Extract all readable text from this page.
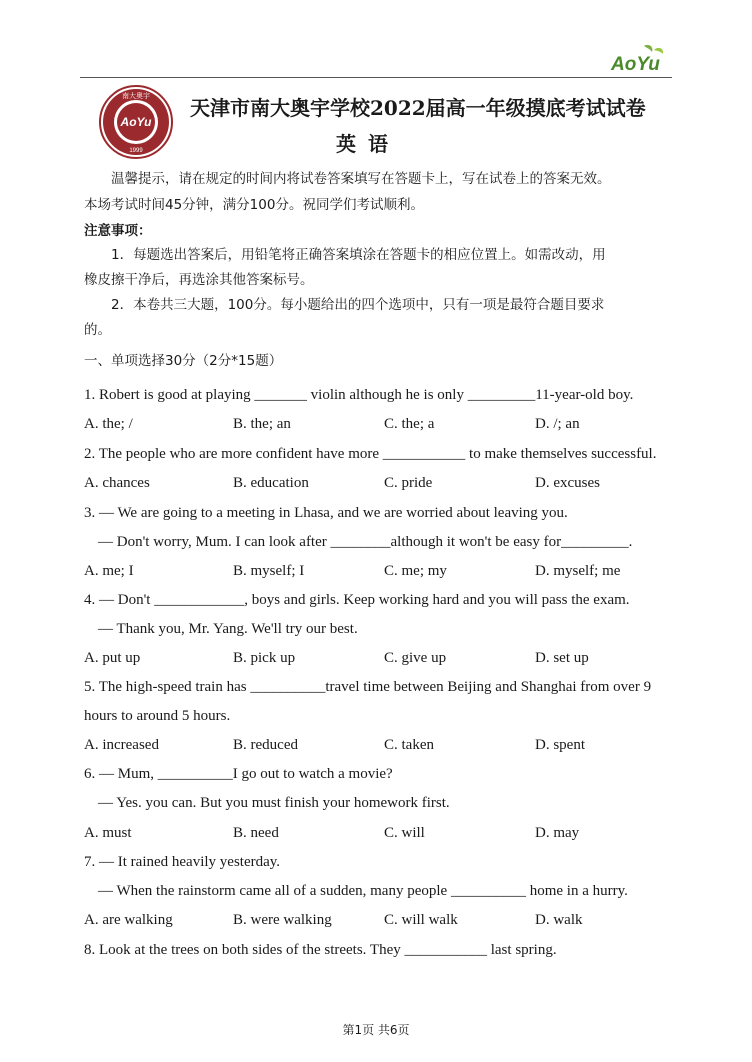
AoYu
AoYu
1999
南大奥宇 天津市南大奥宇学校2022届高一年级摸底考试试卷
英语
温馨提示，请在规定的时间内将试卷答案填写在答题卡上，写在试卷上的答案无效。
本场考试时间45分钟，满分100分。祝同学们考试顺利。
注意事项：
1．每题选出答案后，用铅笔将正确答案填涂在答题卡的相应位置上。如需改动，用
橡皮擦干净后，再选涂其他答案标号。
2．本卷共三大题，100分。每小题给出的四个选项中，只有一项是最符合题目要求
的。
一、单项选择30分（2分*15题）
1. Robert is good at playing _______ violin although he is only _________11-year-old boy.
A. the; /	B. the; an	C. the; a	D. /; an
2. The people who are more confident have more ___________ to make themselves successful.
A. chances	B. education	C. pride	D. excuses
3. — We are going to a meeting in Lhasa, and we are worried about leaving you.
— Don't worry, Mum. I can look after ________although it won't be easy for_________.
A. me; I	B. myself; I	C. me; my	D. myself; me
4. — Don't ____________, boys and girls. Keep working hard and you will pass the exam.
— Thank you, Mr. Yang. We'll try our best.
A. put up	B. pick up	C. give up	D. set up
5. The high-speed train has __________travel time between Beijing and Shanghai from over 9
hours to around 5 hours.
A. increased	B. reduced	C. taken	D. spent
6. — Mum, __________I go out to watch a movie?
— Yes. you can. But you must finish your homework first.
A. must	B. need	C. will	D. may
7. — It rained heavily yesterday.
— When the rainstorm came all of a sudden, many people __________ home in a hurry.
A. are walking	B. were walking	C. will walk	D. walk
8. Look at the trees on both sides of the streets. They ___________ last spring.
第1页 共6页
